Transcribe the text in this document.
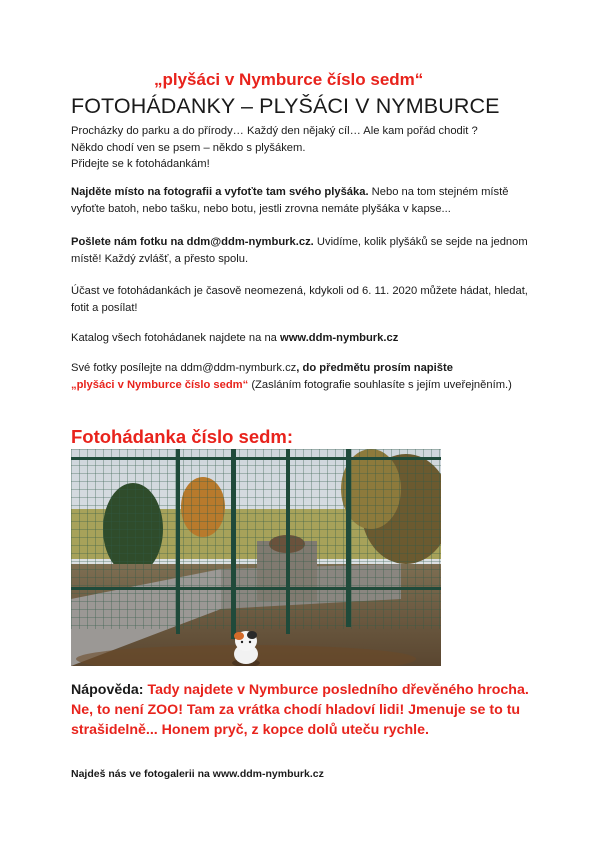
„plyšáci v Nymburce číslo sedm“
FOTOHÁDANKY – PLYŠÁCI V NYMBURCE
Procházky do parku a do přírody… Každý den nějaký cíl… Ale kam pořád chodit ?
Někdo chodí ven se psem – někdo s plyšákem.
Přidejte se k fotohádankám!
Najděte místo na fotografii a vyfoťte tam svého plyšáka. Nebo na tom stejném místě vyfoťte batoh, nebo tašku, nebo botu, jestli zrovna nemáte plyšáka v kapse...
Pošlete nám fotku na ddm@ddm-nymburk.cz. Uvidíme, kolik plyšáků se sejde na jednom místě! Každý zvlášť, a přesto spolu.
Účast ve fotohádankách je časově neomezená, kdykoli od 6. 11. 2020 můžete hádat, hledat, fotit a posílat!
Katalog všech fotohádanek najdete na na www.ddm-nymburk.cz
Své fotky posílejte na ddm@ddm-nymburk.cz, do předmětu prosím napište
„plyšáci v Nymburce číslo sedm“ (Zasláním fotografie souhlasíte s jejím uveřejněním.)
Fotohádanka číslo sedm:
Nápověda: Tady najdete v Nymburce posledního dřevěného hrocha. Ne, to není ZOO! Tam za vrátka chodí hladoví lidi! Jmenuje se to tu strašidelně... Honem pryč, z kopce dolů uteču rychle.
Najdeš nás ve fotogalerii na www.ddm-nymburk.cz
